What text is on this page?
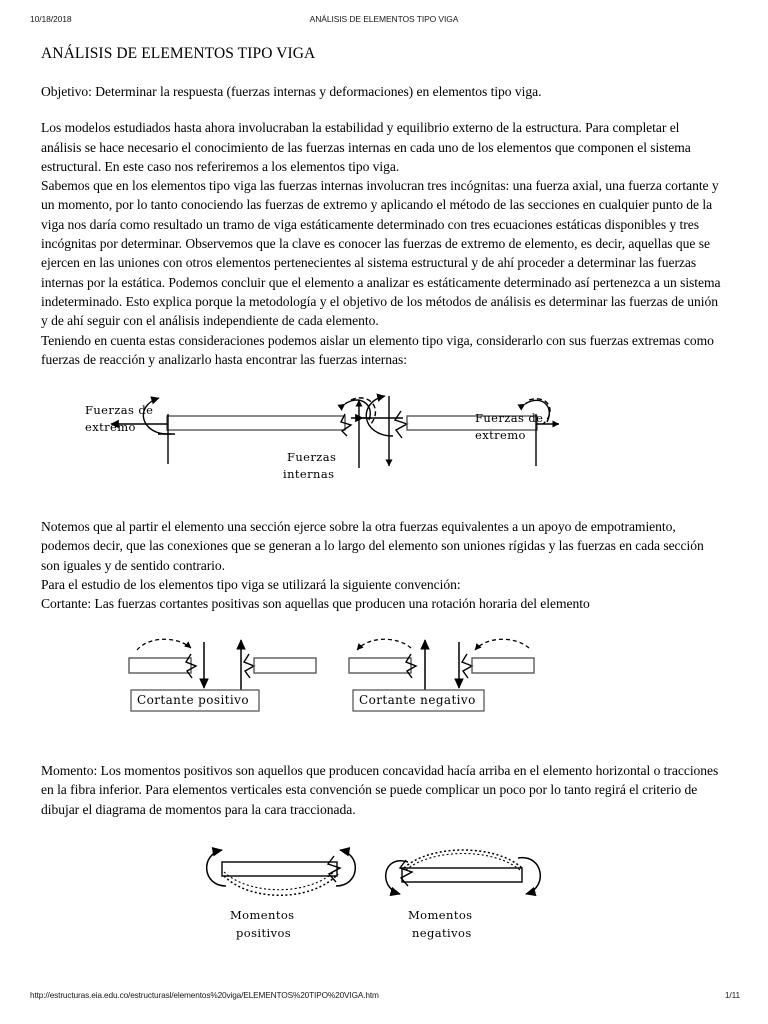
10/18/2018	ANÁLISIS DE ELEMENTOS TIPO VIGA
ANÁLISIS DE ELEMENTOS TIPO VIGA

Objetivo: Determinar la respuesta (fuerzas internas y deformaciones) en elementos tipo viga.

Los modelos estudiados hasta ahora involucraban la estabilidad y equilibrio externo de la estructura. Para completar el análisis se hace necesario el conocimiento de las fuerzas internas en cada uno de los elementos que componen el sistema estructural. En este caso nos referiremos a los elementos tipo viga.

Sabemos que en los elementos tipo viga las fuerzas internas involucran tres incógnitas: una fuerza axial, una fuerza cortante y un momento, por lo tanto conociendo las fuerzas de extremo y aplicando el método de las secciones en cualquier punto de la viga nos daría como resultado un tramo de viga estáticamente determinado con tres ecuaciones estáticas disponibles y tres incógnitas por determinar. Observemos que la clave es conocer las fuerzas de extremo de elemento, es decir, aquellas que se ejercen en las uniones con otros elementos pertenecientes al sistema estructural y de ahí proceder a determinar las fuerzas internas por la estática. Podemos concluir que el elemento a analizar es estáticamente determinado así pertenezca a un sistema indeterminado. Esto explica porque la metodología y el objetivo de los métodos de análisis es determinar las fuerzas de unión y de ahí seguir con el análisis independiente de cada elemento.

Teniendo en cuenta estas consideraciones podemos aislar un elemento tipo viga, considerarlo con sus fuerzas extremas como fuerzas de reacción y analizarlo hasta encontrar las fuerzas internas:

Fuerzas de
extremo
Fuerzas
internas
Fuerzas de
extremo

Notemos que al partir el elemento una sección ejerce sobre la otra fuerzas equivalentes a un apoyo de empotramiento, podemos decir, que las conexiones que se generan a lo largo del elemento son uniones rígidas y las fuerzas en cada sección son iguales y de sentido contrario.

Para el estudio de los elementos tipo viga se utilizará la siguiente convención:

Cortante: Las fuerzas cortantes positivas son aquellas que producen una rotación horaria del elemento

Cortante positivo	Cortante negativo

Momento: Los momentos positivos son aquellos que producen concavidad hacía arriba en el elemento horizontal o tracciones en la fibra inferior. Para elementos verticales esta convención se puede complicar un poco por lo tanto regirá el criterio de dibujar el diagrama de momentos para la cara traccionada.

Momentos
positivos
Momentos
negativos
http://estructuras.eia.edu.co/estructurasl/elementos%20viga/ELEMENTOS%20TIPO%20VIGA.htm	1/11
